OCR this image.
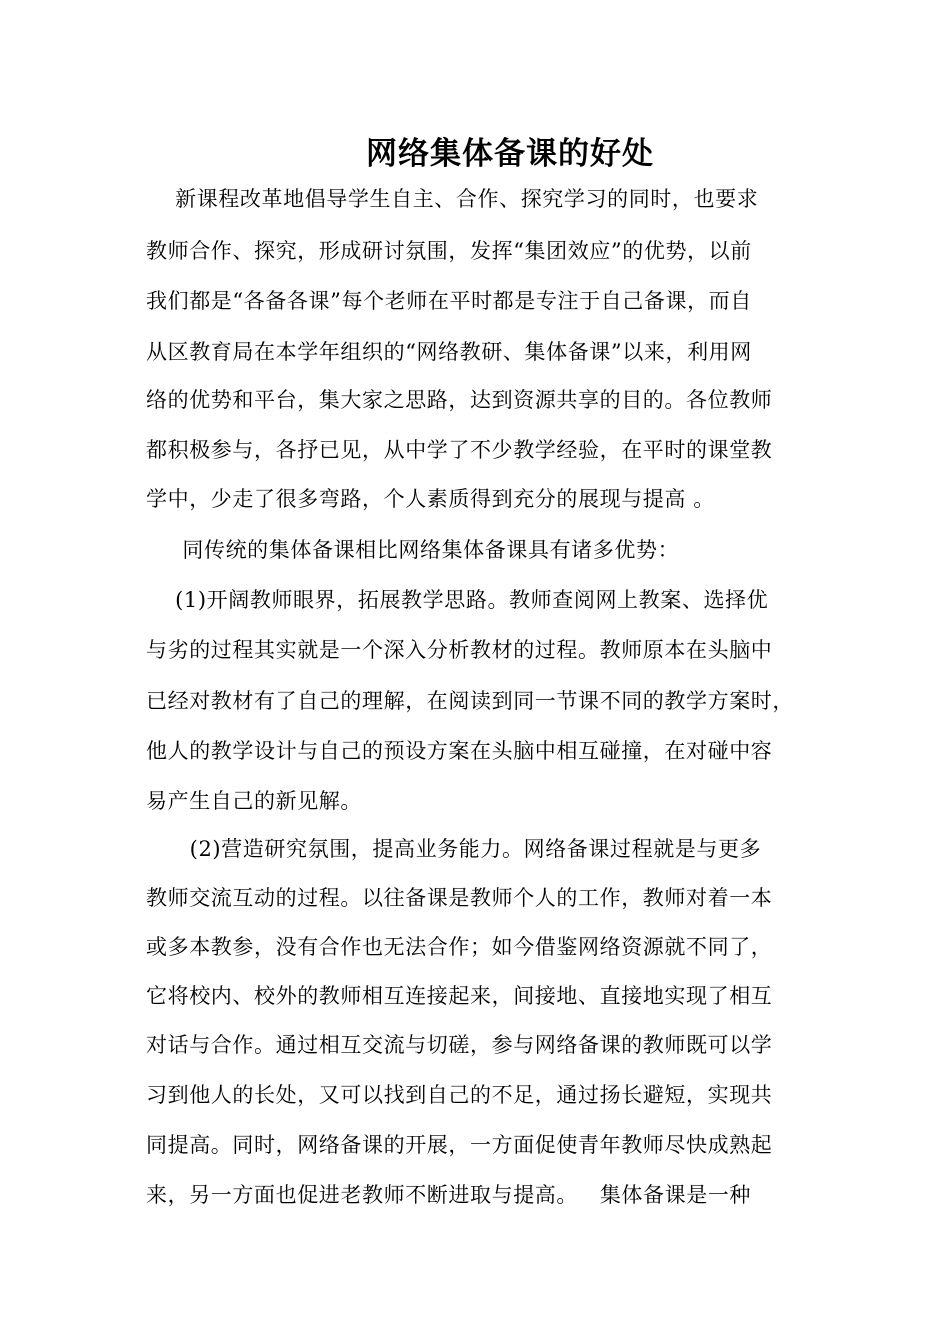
网络集体备课的好处
新课程改革地倡导学生自主、合作、探究学习的同时，也要求
教师合作、探究，形成研讨氛围，发挥“集团效应”的优势，以前
我们都是“各备各课”每个老师在平时都是专注于自己备课，而自
从区教育局在本学年组织的“网络教研、集体备课”以来，利用网
络的优势和平台，集大家之思路，达到资源共享的目的。各位教师
都积极参与，各抒已见，从中学了不少教学经验，在平时的课堂教
学中，少走了很多弯路，个人素质得到充分的展现与提高 。
同传统的集体备课相比网络集体备课具有诸多优势：
(1)开阔教师眼界，拓展教学思路。教师查阅网上教案、选择优
与劣的过程其实就是一个深入分析教材的过程。教师原本在头脑中
已经对教材有了自己的理解，在阅读到同一节课不同的教学方案时，
他人的教学设计与自己的预设方案在头脑中相互碰撞，在对碰中容
易产生自己的新见解。
(2)营造研究氛围，提高业务能力。网络备课过程就是与更多
教师交流互动的过程。以往备课是教师个人的工作，教师对着一本
或多本教参，没有合作也无法合作；如今借鉴网络资源就不同了，
它将校内、校外的教师相互连接起来，间接地、直接地实现了相互
对话与合作。通过相互交流与切磋，参与网络备课的教师既可以学
习到他人的长处，又可以找到自己的不足，通过扬长避短，实现共
同提高。同时，网络备课的开展，一方面促使青年教师尽快成熟起
来，另一方面也促进老教师不断进取与提高。   集体备课是一种
